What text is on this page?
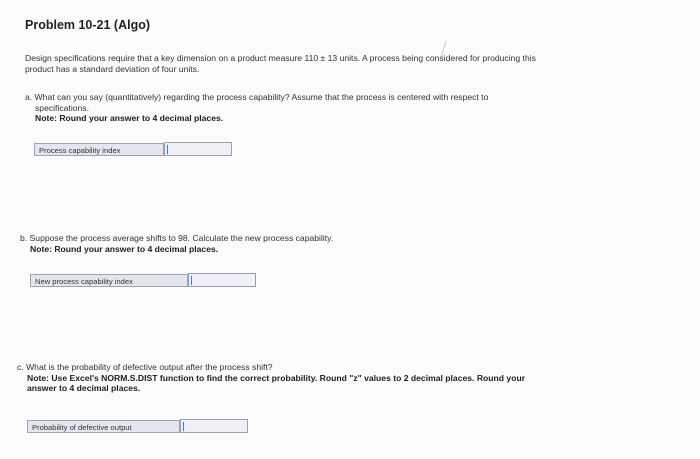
Problem 10-21 (Algo)
Design specifications require that a key dimension on a product measure 110 ± 13 units. A process being considered for producing this
product has a standard deviation of four units.
a. What can you say (quantitatively) regarding the process capability? Assume that the process is centered with respect to
specifications.
Note: Round your answer to 4 decimal places.
Process capability index
b. Suppose the process average shifts to 98. Calculate the new process capability.
Note: Round your answer to 4 decimal places.
New process capability index
c. What is the probability of defective output after the process shift?
Note: Use Excel's NORM.S.DIST function to find the correct probability. Round "z" values to 2 decimal places. Round your
answer to 4 decimal places.
Probability of defective output
